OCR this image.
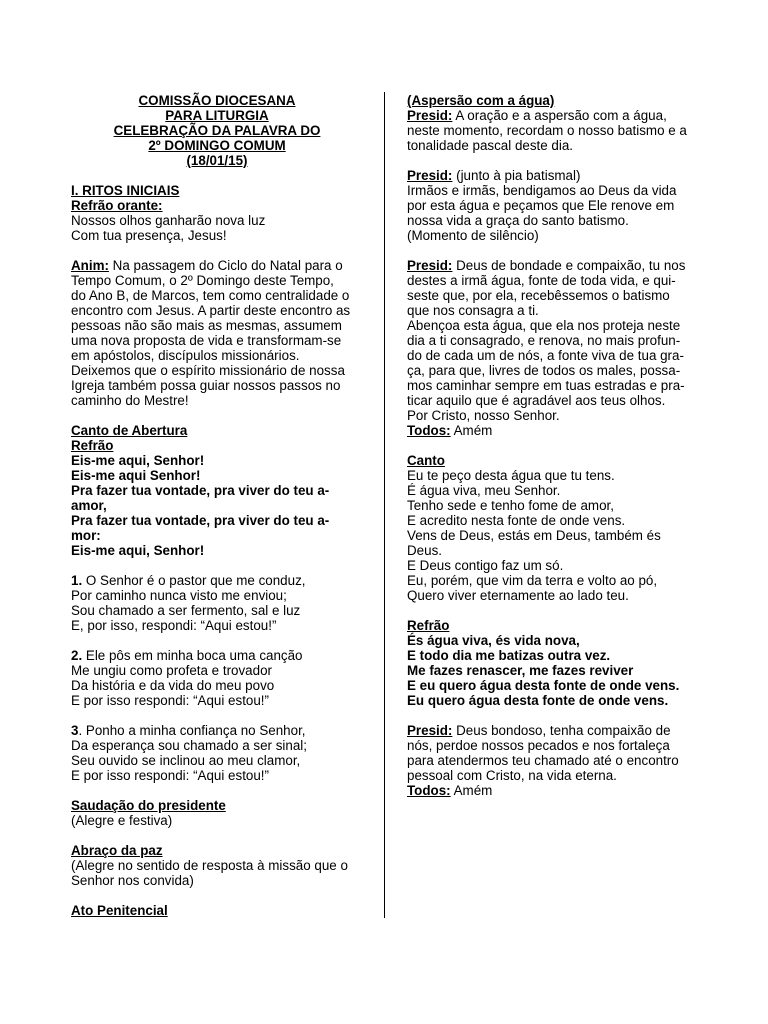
COMISSÃO DIOCESANA

PARA LITURGIA

CELEBRAÇÃO DA PALAVRA DO

2º DOMINGO COMUM

(18/01/15)

I. RITOS INICIAIS

Refrão orante:

Nossos olhos ganharão nova luz

Com tua presença, Jesus!

Anim: Na passagem do Ciclo do Natal para o

Tempo Comum, o 2º Domingo deste Tempo,

do Ano B, de Marcos, tem como centralidade o

encontro com Jesus. A partir deste encontro as

pessoas não são mais as mesmas, assumem

uma nova proposta de vida e transformam-se

em apóstolos, discípulos missionários.

Deixemos que o espírito missionário de nossa

Igreja também possa guiar nossos passos no

caminho do Mestre!

Canto de Abertura

Refrão

Eis-me aqui, Senhor!

Eis-me aqui Senhor!

Pra fazer tua vontade, pra viver do teu a-

amor,

Pra fazer tua vontade, pra viver do teu a-

mor:

Eis-me aqui, Senhor!

1. O Senhor é o pastor que me conduz,

Por caminho nunca visto me enviou;

Sou chamado a ser fermento, sal e luz

E, por isso, respondi: “Aqui estou!”

2. Ele pôs em minha boca uma canção

Me ungiu como profeta e trovador

Da história e da vida do meu povo

E por isso respondi: “Aqui estou!”

3. Ponho a minha confiança no Senhor,

Da esperança sou chamado a ser sinal;

Seu ouvido se inclinou ao meu clamor,

E por isso respondi: “Aqui estou!”

Saudação do presidente

(Alegre e festiva)

Abraço da paz

(Alegre no sentido de resposta à missão que o

Senhor nos convida)

Ato Penitencial

(Aspersão com a água)

Presid: A oração e a aspersão com a água,

neste momento, recordam o nosso batismo e a

tonalidade pascal deste dia.

Presid: (junto à pia batismal)

Irmãos e irmãs, bendigamos ao Deus da vida

por esta água e peçamos que Ele renove em

nossa vida a graça do santo batismo.

(Momento de silêncio)

Presid: Deus de bondade e compaixão, tu nos

destes a irmã água, fonte de toda vida, e qui-

seste que, por ela, recebêssemos o batismo

que nos consagra a ti.

Abençoa esta água, que ela nos proteja neste

dia a ti consagrado, e renova, no mais profun-

do de cada um de nós, a fonte viva de tua gra-

ça, para que, livres de todos os males, possa-

mos caminhar sempre em tuas estradas e pra-

ticar aquilo que é agradável aos teus olhos.

Por Cristo, nosso Senhor.

Todos: Amém

Canto

Eu te peço desta água que tu tens.

É água viva, meu Senhor.

Tenho sede e tenho fome de amor,

E acredito nesta fonte de onde vens.

Vens de Deus, estás em Deus, também és

Deus.

E Deus contigo faz um só.

Eu, porém, que vim da terra e volto ao pó,

Quero viver eternamente ao lado teu.

Refrão

És água viva, és vida nova,

E todo dia me batizas outra vez.

Me fazes renascer, me fazes reviver

E eu quero água desta fonte de onde vens.

Eu quero água desta fonte de onde vens.

Presid: Deus bondoso, tenha compaixão de

nós, perdoe nossos pecados e nos fortaleça

para atendermos teu chamado até o encontro

pessoal com Cristo, na vida eterna.

Todos: Amém
